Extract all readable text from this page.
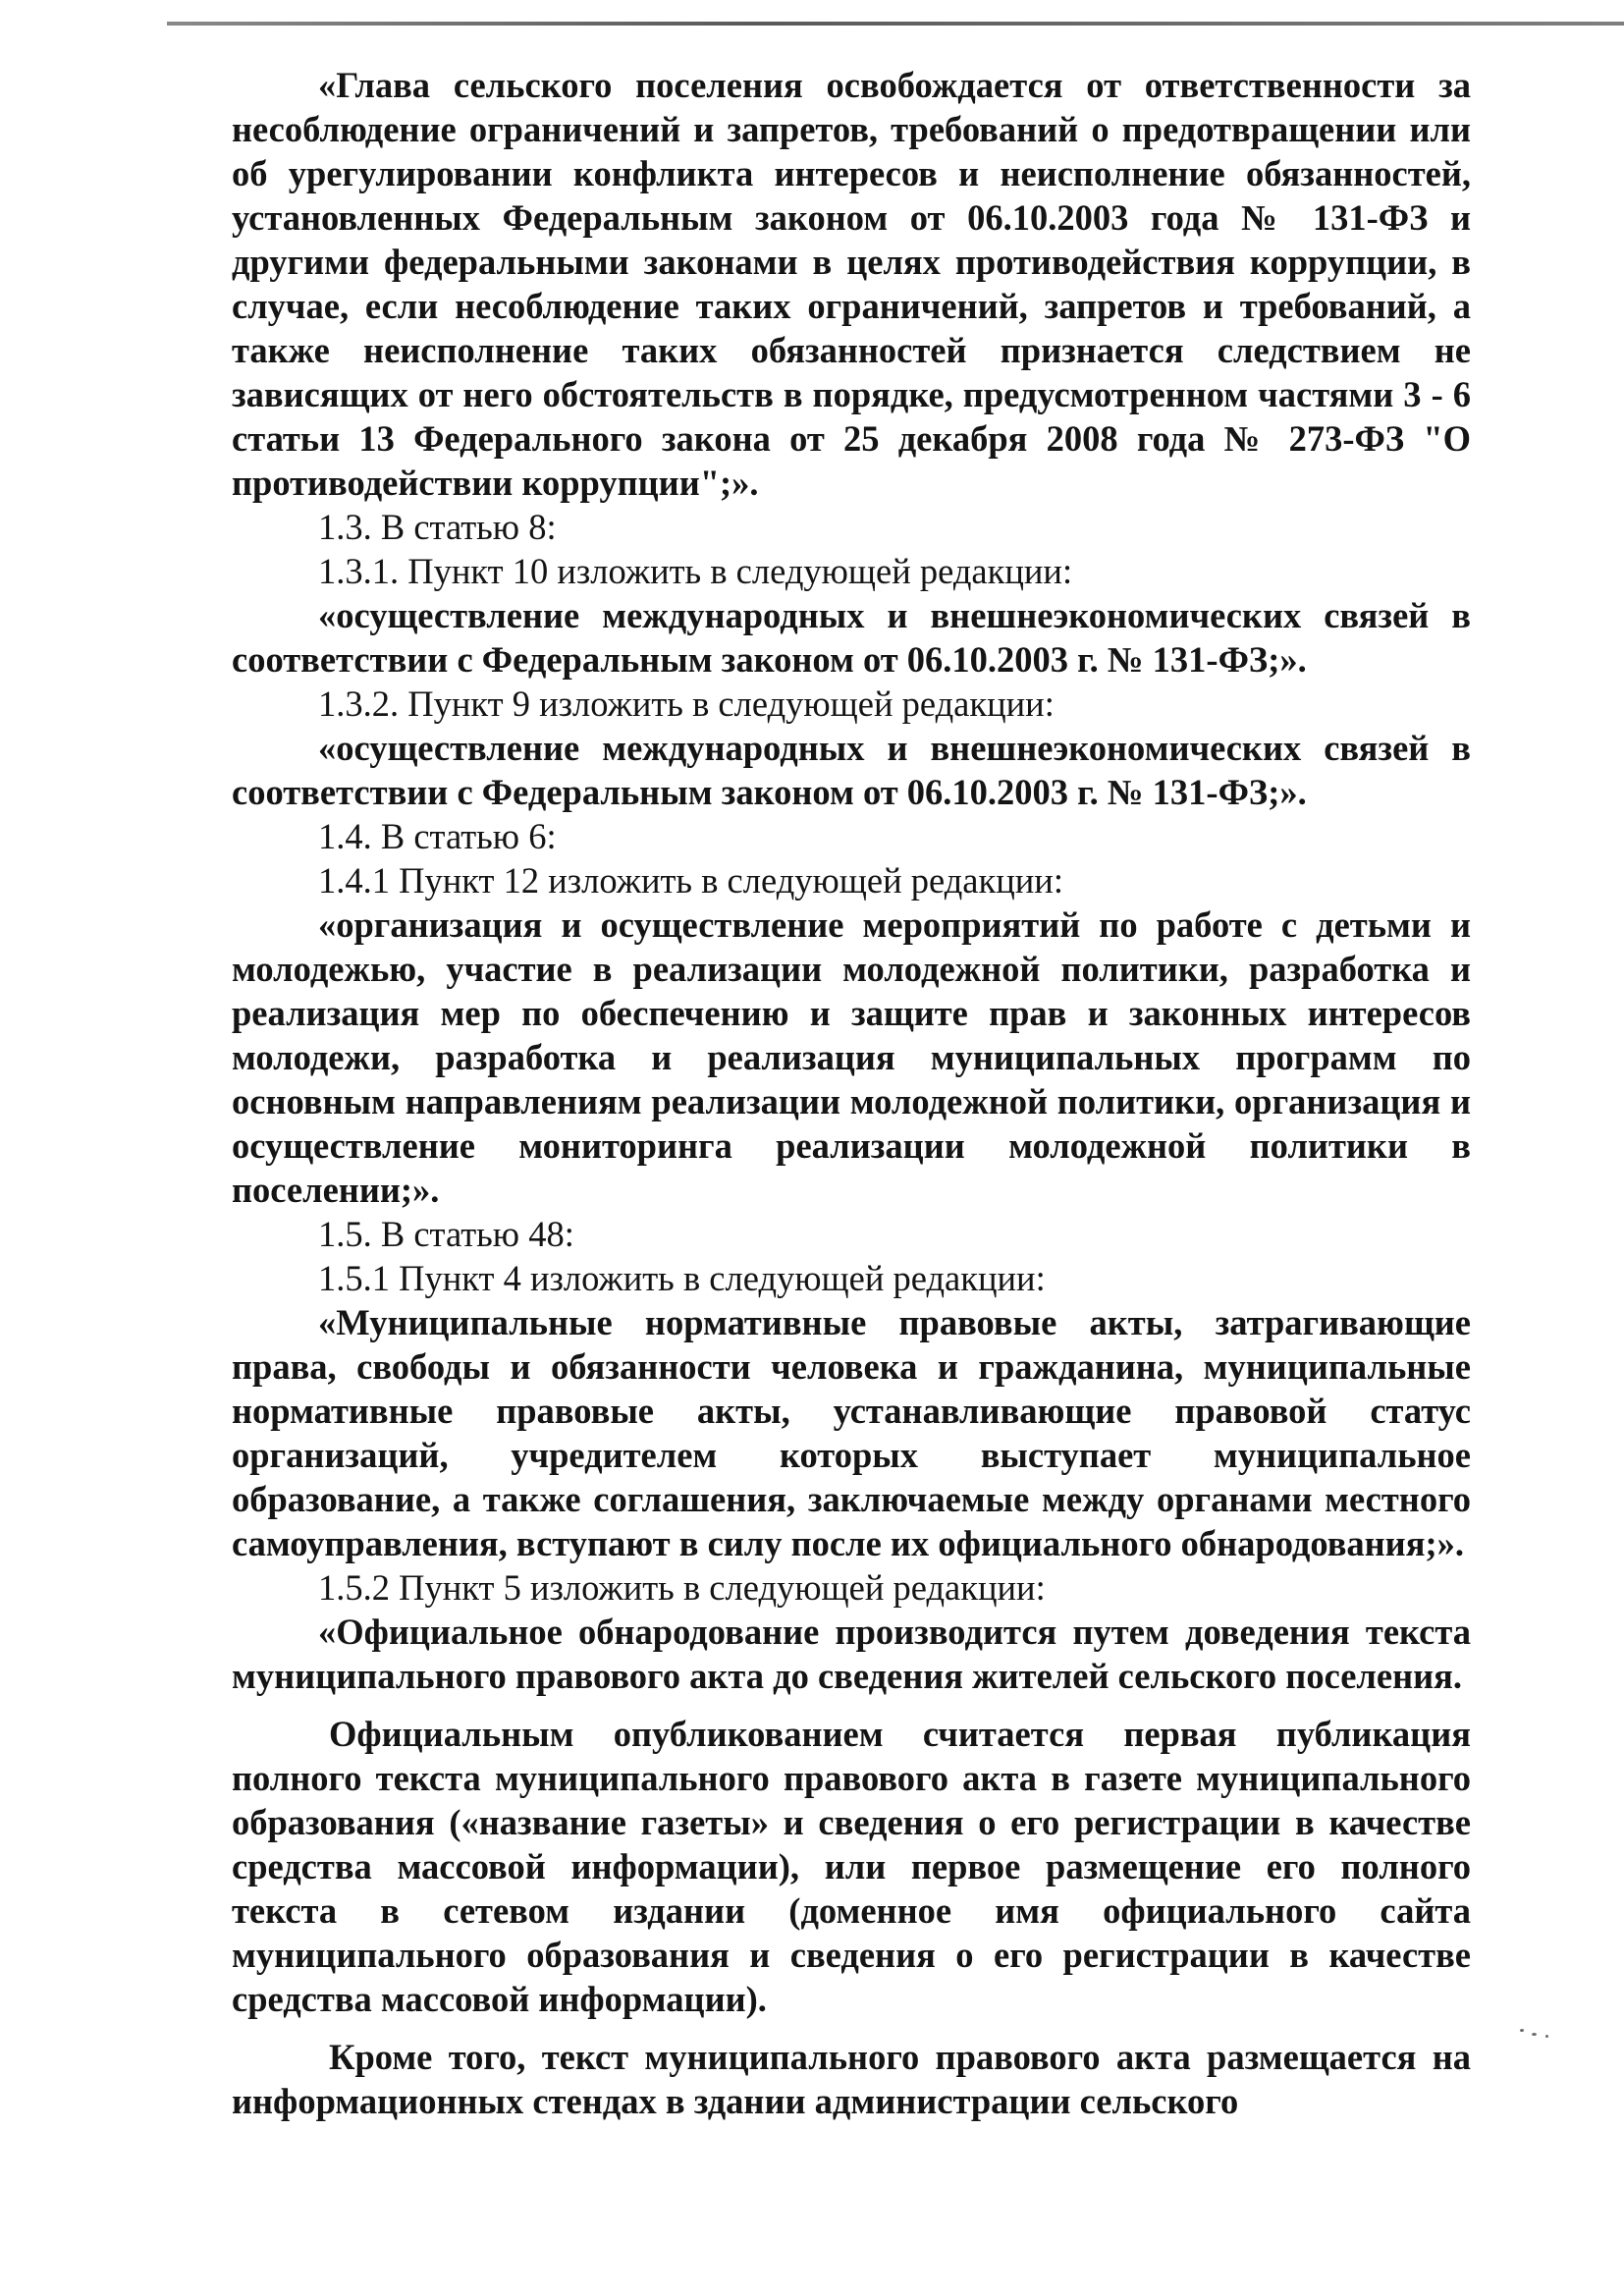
«Глава сельского поселения освобождается от ответственности за несоблюдение ограничений и запретов, требований о предотвращении или об урегулировании конфликта интересов и неисполнение обязанностей, установленных Федеральным законом от 06.10.2003 года № 131-ФЗ и другими федеральными законами в целях противодействия коррупции, в случае, если несоблюдение таких ограничений, запретов и требований, а также неисполнение таких обязанностей признается следствием не зависящих от него обстоятельств в порядке, предусмотренном частями 3 - 6 статьи 13 Федерального закона от 25 декабря 2008 года № 273-ФЗ "О противодействии коррупции";».

1.3. В статью 8:

1.3.1. Пункт 10 изложить в следующей редакции:

«осуществление международных и внешнеэкономических связей в соответствии с Федеральным законом от 06.10.2003 г. № 131-ФЗ;».

1.3.2. Пункт 9 изложить в следующей редакции:

«осуществление международных и внешнеэкономических связей в соответствии с Федеральным законом от 06.10.2003 г. № 131-ФЗ;».

1.4. В статью 6:

1.4.1 Пункт 12 изложить в следующей редакции:

«организация и осуществление мероприятий по работе с детьми и молодежью, участие в реализации молодежной политики, разработка и реализация мер по обеспечению и защите прав и законных интересов молодежи, разработка и реализация муниципальных программ по основным направлениям реализации молодежной политики, организация и осуществление мониторинга реализации молодежной политики в поселении;».

1.5. В статью 48:

1.5.1 Пункт 4 изложить в следующей редакции:

«Муниципальные нормативные правовые акты, затрагивающие права, свободы и обязанности человека и гражданина, муниципальные нормативные правовые акты, устанавливающие правовой статус организаций, учредителем которых выступает муниципальное образование, а также соглашения, заключаемые между органами местного самоуправления, вступают в силу после их официального обнародования;».

1.5.2 Пункт 5 изложить в следующей редакции:

«Официальное обнародование производится путем доведения текста муниципального правового акта до сведения жителей сельского поселения.

Официальным опубликованием считается первая публикация полного текста муниципального правового акта в газете муниципального образования («название газеты» и сведения о его регистрации в качестве средства массовой информации), или первое размещение его полного текста в сетевом издании (доменное имя официального сайта муниципального образования и сведения о его регистрации в качестве средства массовой информации).

Кроме того, текст муниципального правового акта размещается на информационных стендах в здании администрации сельского
